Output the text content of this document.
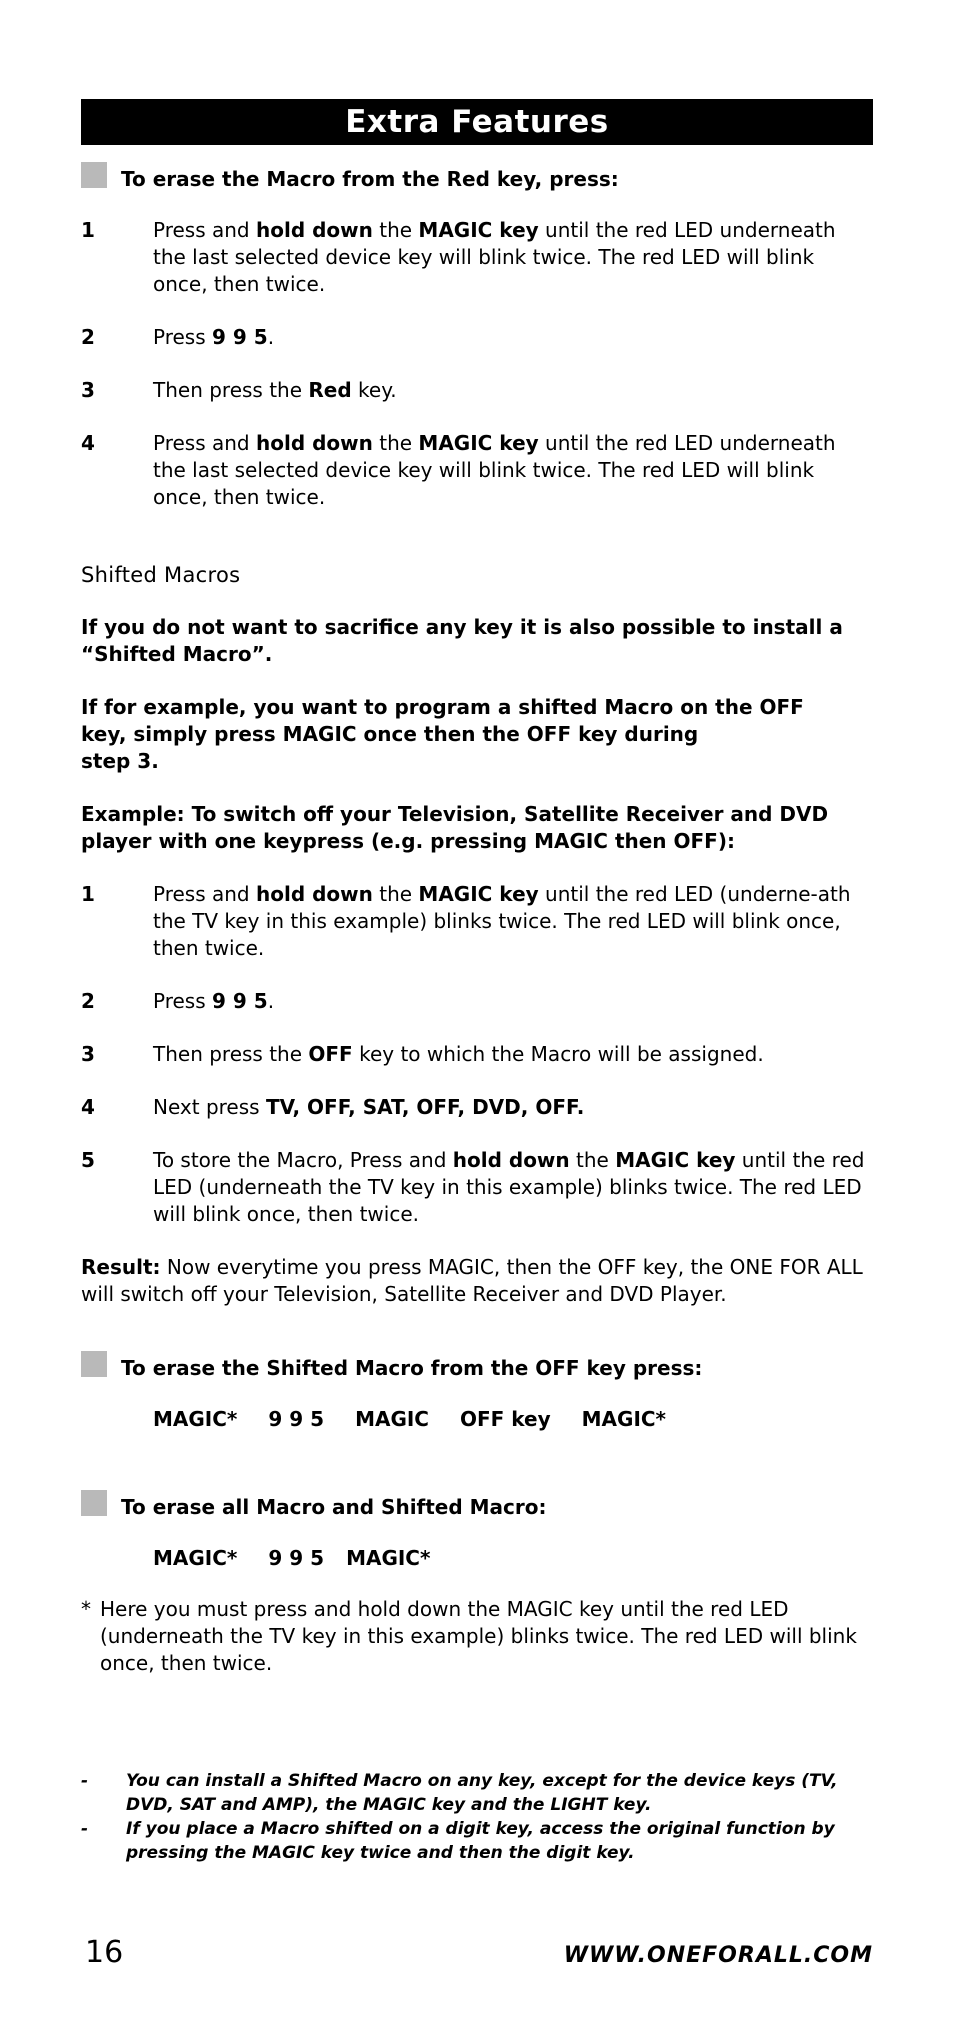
Extra Features
To erase the Macro from the Red key, press:
1	Press and hold down the MAGIC key until the red LED underneath the last selected device key will blink twice. The red LED will blink once, then twice.
2	Press 9 9 5.
3	Then press the Red key.
4	Press and hold down the MAGIC key until the red LED underneath the last selected device key will blink twice. The red LED will blink once, then twice.
Shifted Macros
If you do not want to sacrifice any key it is also possible to install a “Shifted Macro”.
If for example, you want to program a shifted Macro on the OFF
key, simply press MAGIC once then the OFF key during
step 3.
Example: To switch off your Television, Satellite Receiver and DVD player with one keypress (e.g. pressing MAGIC then OFF):
1	Press and hold down the MAGIC key until the red LED (underne-ath the TV key in this example) blinks twice. The red LED will blink once, then twice.
2	Press 9 9 5.
3	Then press the OFF key to which the Macro will be assigned.
4	Next press TV, OFF, SAT, OFF, DVD, OFF.
5	To store the Macro, Press and hold down the MAGIC key until the red LED (underneath the TV key in this example) blinks twice. The red LED will blink once, then twice.
Result: Now everytime you press MAGIC, then the OFF key, the ONE FOR ALL will switch off your Television, Satellite Receiver and DVD Player.
To erase the Shifted Macro from the OFF key press:
MAGIC* 9 9 5 MAGIC OFF key MAGIC*
To erase all Macro and Shifted Macro:
MAGIC* 9 9 5 MAGIC*
* Here you must press and hold down the MAGIC key until the red LED (underneath the TV key in this example) blinks twice. The red LED will blink once, then twice.
-	You can install a Shifted Macro on any key, except for the device keys (TV, DVD, SAT and AMP), the MAGIC key and the LIGHT key.
-	If you place a Macro shifted on a digit key, access the original function by pressing the MAGIC key twice and then the digit key.
16	WWW.ONEFORALL.COM
